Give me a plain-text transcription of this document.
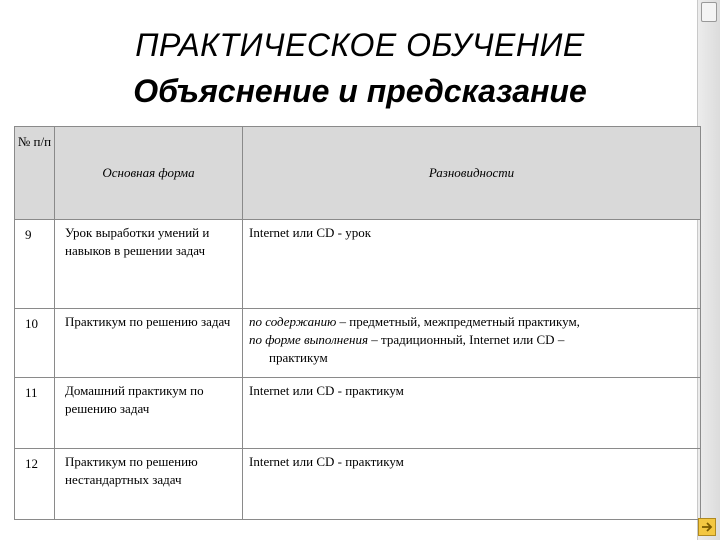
ПРАКТИЧЕСКОЕ ОБУЧЕНИЕ
Объяснение и предсказание
№ п/п	Основная форма	Разновидности
9	Урок выработки умений и навыков в решении задач	Internet или CD - урок
10	Практикум по решению задач	по содержанию – предметный, межпредметный практикум,
по форме выполнения – традиционный, Internet или CD –
практикум
11	Домашний практикум по решению задач	Internet или CD - практикум
12	Практикум по решению нестандартных задач	Internet или CD - практикум
